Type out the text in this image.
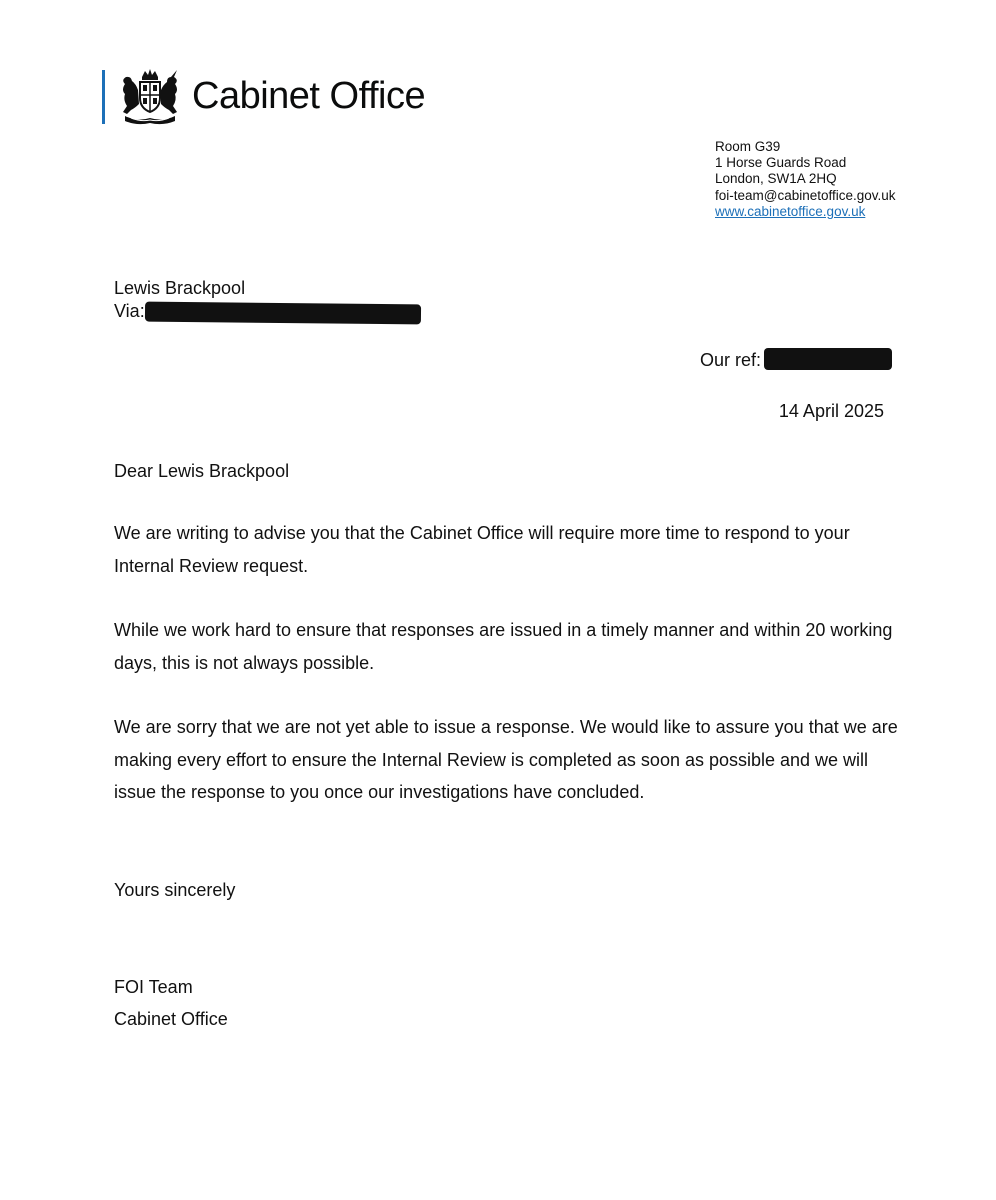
Cabinet Office
Room G39
1 Horse Guards Road
London, SW1A 2HQ
foi-team@cabinetoffice.gov.uk
www.cabinetoffice.gov.uk
Lewis Brackpool
Via:
Our ref:
14 April 2025

Dear Lewis Brackpool

We are writing to advise you that the Cabinet Office will require more time to respond to your Internal Review request.

While we work hard to ensure that responses are issued in a timely manner and within 20 working days, this is not always possible.

We are sorry that we are not yet able to issue a response. We would like to assure you that we are making every effort to ensure the Internal Review is completed as soon as possible and we will issue the response to you once our investigations have concluded.

Yours sincerely

FOI Team

Cabinet Office
